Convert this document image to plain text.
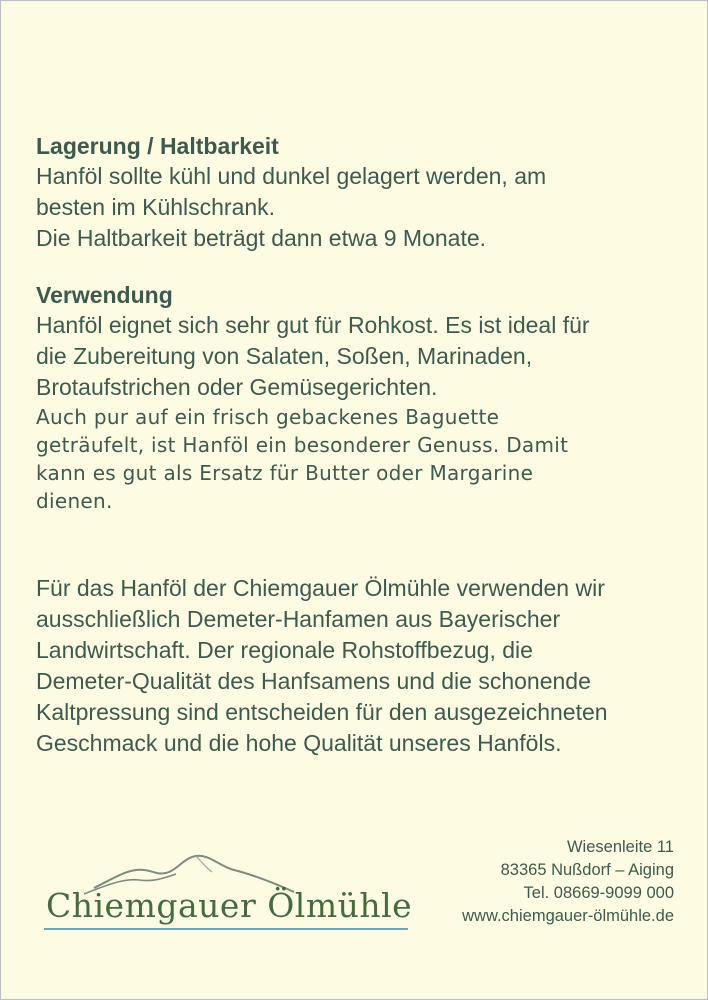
Lagerung / Haltbarkeit

Hanföl sollte kühl und dunkel gelagert werden, am

besten im Kühlschrank.

Die Haltbarkeit beträgt dann etwa 9 Monate.

Verwendung

Hanföl eignet sich sehr gut für Rohkost. Es ist ideal für

die Zubereitung von Salaten, Soßen, Marinaden,

Brotaufstrichen oder Gemüsegerichten.

Auch pur auf ein frisch gebackenes Baguette

geträufelt, ist Hanföl ein besonderer Genuss. Damit

kann es gut als Ersatz für Butter oder Margarine

dienen.

Für das Hanföl der Chiemgauer Ölmühle verwenden wir

ausschließlich Demeter-Hanfamen aus Bayerischer

Landwirtschaft. Der regionale Rohstoffbezug, die

Demeter-Qualität des Hanfsamens und die schonende

Kaltpressung sind entscheiden für den ausgezeichneten

Geschmack und die hohe Qualität unseres Hanföls.

Chiemgauer Ölmühle
Wiesenleite 11
83365 Nußdorf – Aiging
Tel. 08669-9099 000
www.chiemgauer-ölmühle.de
